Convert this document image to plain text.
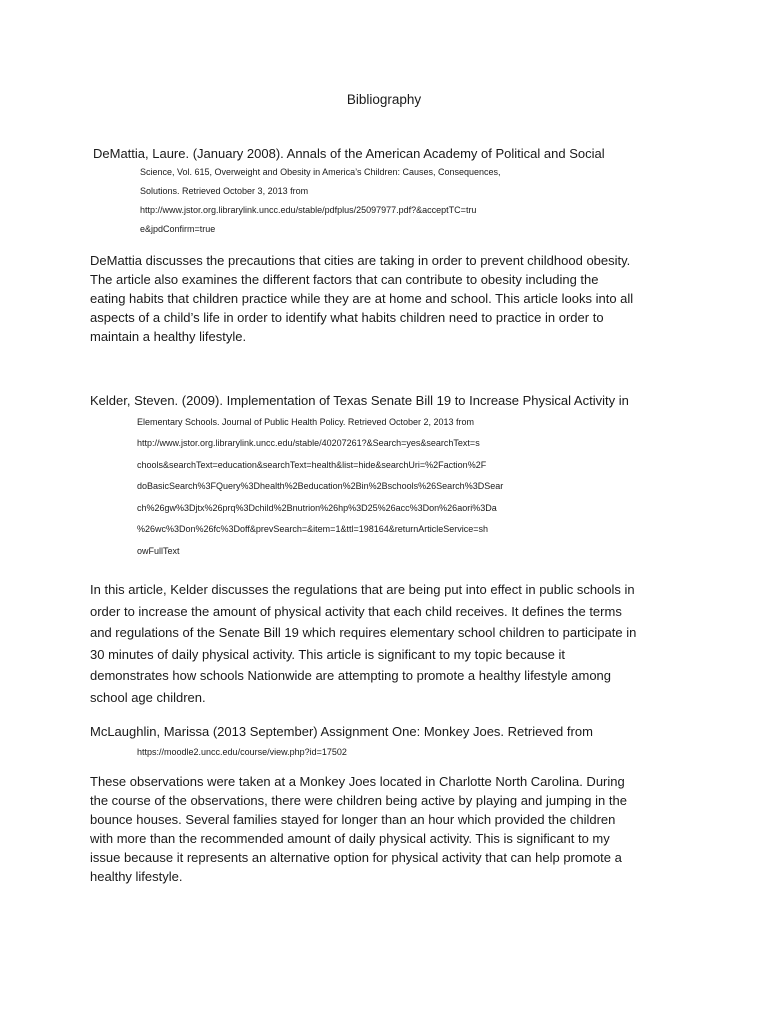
Bibliography
DeMattia, Laure. (January 2008). Annals of the American Academy of Political and Social
Science, Vol. 615, Overweight and Obesity in America’s Children: Causes, Consequences,
Solutions. Retrieved October 3, 2013 from
http://www.jstor.org.librarylink.uncc.edu/stable/pdfplus/25097977.pdf?&acceptTC=tru
e&jpdConfirm=true
DeMattia discusses the precautions that cities are taking in order to prevent childhood obesity.
The article also examines the different factors that can contribute to obesity including the
eating habits that children practice while they are at home and school. This article looks into all
aspects of a child’s life in order to identify what habits children need to practice in order to
maintain a healthy lifestyle.
Kelder, Steven. (2009). Implementation of Texas Senate Bill 19 to Increase Physical Activity in
Elementary Schools. Journal of Public Health Policy. Retrieved October 2, 2013 from
http://www.jstor.org.librarylink.uncc.edu/stable/40207261?&Search=yes&searchText=s
chools&searchText=education&searchText=health&list=hide&searchUri=%2Faction%2F
doBasicSearch%3FQuery%3Dhealth%2Beducation%2Bin%2Bschools%26Search%3DSear
ch%26gw%3Djtx%26prq%3Dchild%2Bnutrion%26hp%3D25%26acc%3Don%26aori%3Da
%26wc%3Don%26fc%3Doff&prevSearch=&item=1&ttl=198164&returnArticleService=sh
owFullText
In this article, Kelder discusses the regulations that are being put into effect in public schools in
order to increase the amount of physical activity that each child receives. It defines the terms
and regulations of the Senate Bill 19 which requires elementary school children to participate in
30 minutes of daily physical activity. This article is significant to my topic because it
demonstrates how schools Nationwide are attempting to promote a healthy lifestyle among
school age children.
McLaughlin, Marissa (2013 September) Assignment One: Monkey Joes. Retrieved from
https://moodle2.uncc.edu/course/view.php?id=17502
These observations were taken at a Monkey Joes located in Charlotte North Carolina. During
the course of the observations, there were children being active by playing and jumping in the
bounce houses. Several families stayed for longer than an hour which provided the children
with more than the recommended amount of daily physical activity. This is significant to my
issue because it represents an alternative option for physical activity that can help promote a
healthy lifestyle.
